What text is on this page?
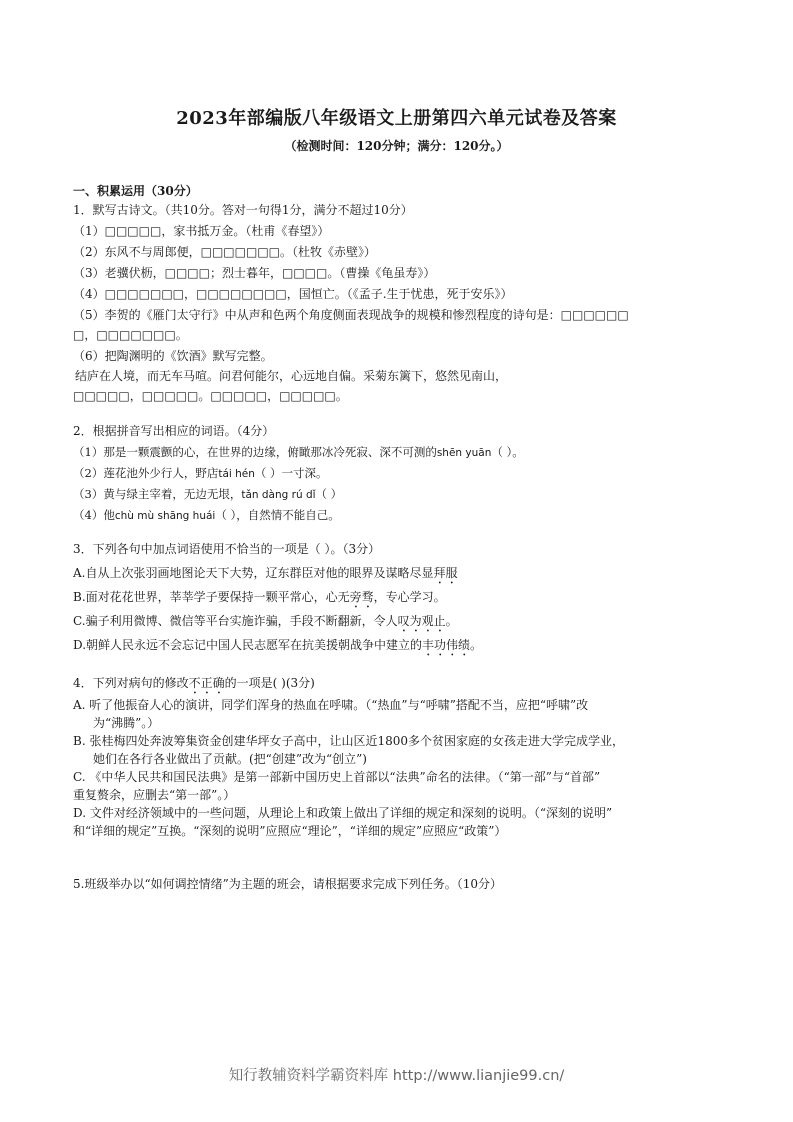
2023年部编版八年级语文上册第四六单元试卷及答案
（检测时间：120分钟；满分：120分。）
一、积累运用（30分）
1．默写古诗文。（共10分。答对一句得1分，满分不超过10分）
（1）□□□□□，家书抵万金。（杜甫《春望》）
（2）东风不与周郎便，□□□□□□□。（杜牧《赤壁》）
（3）老骥伏枥，□□□□；烈士暮年，□□□□。（曹操《龟虽寿》）
（4）□□□□□□□，□□□□□□□□，国恒亡。（《孟子.生于忧患，死于安乐》）
（5）李贺的《雁门太守行》中从声和色两个角度侧面表现战争的规模和惨烈程度的诗句是：□□□□□□
□，□□□□□□□。
（6）把陶渊明的《饮酒》默写完整。
结庐在人境，而无车马喧。问君何能尔，心远地自偏。采菊东篱下，悠然见南山，
□□□□□，□□□□□。□□□□□，□□□□□。
2．根据拼音写出相应的词语。（4分）
（1）那是一颗震颤的心，在世界的边缘，俯瞰那冰冷死寂、深不可测的shēn yuān（ ）。
（2）莲花池外少行人，野店tái hén（ ）一寸深。
（3）黄与绿主宰着，无边无垠，tǎn dàng rú dǐ（ ）
（4）他chù mù shāng huái（ ），自然情不能自己。
3．下列各句中加点词语使用不恰当的一项是（ ）。（3分）
A.自从上次张羽画地图论天下大势，辽东群臣对他的眼界及谋略尽显拜服
B.面对花花世界，莘莘学子要保持一颗平常心，心无旁骛，专心学习。
C.骗子利用微博、微信等平台实施诈骗，手段不断翻新，令人叹为观止。
D.朝鲜人民永远不会忘记中国人民志愿军在抗美援朝战争中建立的丰功伟绩。
4．下列对病句的修改不正确的一项是( )(3分)
A. 听了他振奋人心的演讲，同学们浑身的热血在呼啸。（“热血”与“呼啸”搭配不当，应把“呼啸”改
为“沸腾”。）
B. 张桂梅四处奔波筹集资金创建华坪女子高中，让山区近1800多个贫困家庭的女孩走进大学完成学业，
她们在各行各业做出了贡献。(把“创建”改为“创立”)
C. 《中华人民共和国民法典》是第一部新中国历史上首部以“法典”命名的法律。（“第一部”与“首部”
重复赘余，应删去“第一部”。）
D. 文件对经济领域中的一些问题，从理论上和政策上做出了详细的规定和深刻的说明。（“深刻的说明”
和“详细的规定”互换。“深刻的说明”应照应“理论”，“详细的规定”应照应“政策”）
5.班级举办以“如何调控情绪”为主题的班会，请根据要求完成下列任务。（10分）
知行教辅资料学霸资料库 http://www.lianjie99.cn/
